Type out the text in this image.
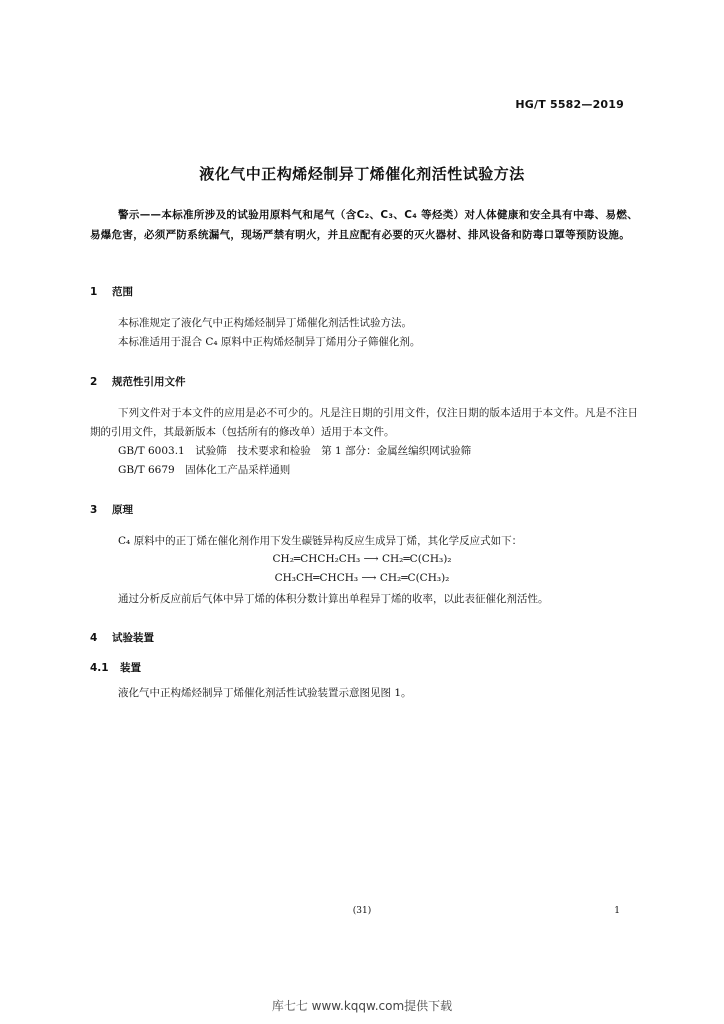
HG/T 5582—2019
液化气中正构烯烃制异丁烯催化剂活性试验方法
警示——本标准所涉及的试验用原料气和尾气（含C₂、C₃、C₄ 等烃类）对人体健康和安全具有中毒、易燃、易爆危害，必须严防系统漏气，现场严禁有明火，并且应配有必要的灭火器材、排风设备和防毒口罩等预防设施。
1 范围
本标准规定了液化气中正构烯烃制异丁烯催化剂活性试验方法。
本标准适用于混合 C₄ 原料中正构烯烃制异丁烯用分子筛催化剂。
2 规范性引用文件
下列文件对于本文件的应用是必不可少的。凡是注日期的引用文件，仅注日期的版本适用于本文件。凡是不注日期的引用文件，其最新版本（包括所有的修改单）适用于本文件。
GB/T 6003.1　试验筛　技术要求和检验　第 1 部分：金属丝编织网试验筛
GB/T 6679　固体化工产品采样通则
3 原理
C₄ 原料中的正丁烯在催化剂作用下发生碳链异构反应生成异丁烯，其化学反应式如下：
CH₂═CHCH₂CH₃ ⟶ CH₂═C(CH₃)₂
CH₃CH═CHCH₃ ⟶ CH₂═C(CH₃)₂
通过分析反应前后气体中异丁烯的体积分数计算出单程异丁烯的收率，以此表征催化剂活性。
4 试验装置
4.1 装置
液化气中正构烯烃制异丁烯催化剂活性试验装置示意图见图 1。
(31)	1
库七七 www.kqqw.com提供下载
